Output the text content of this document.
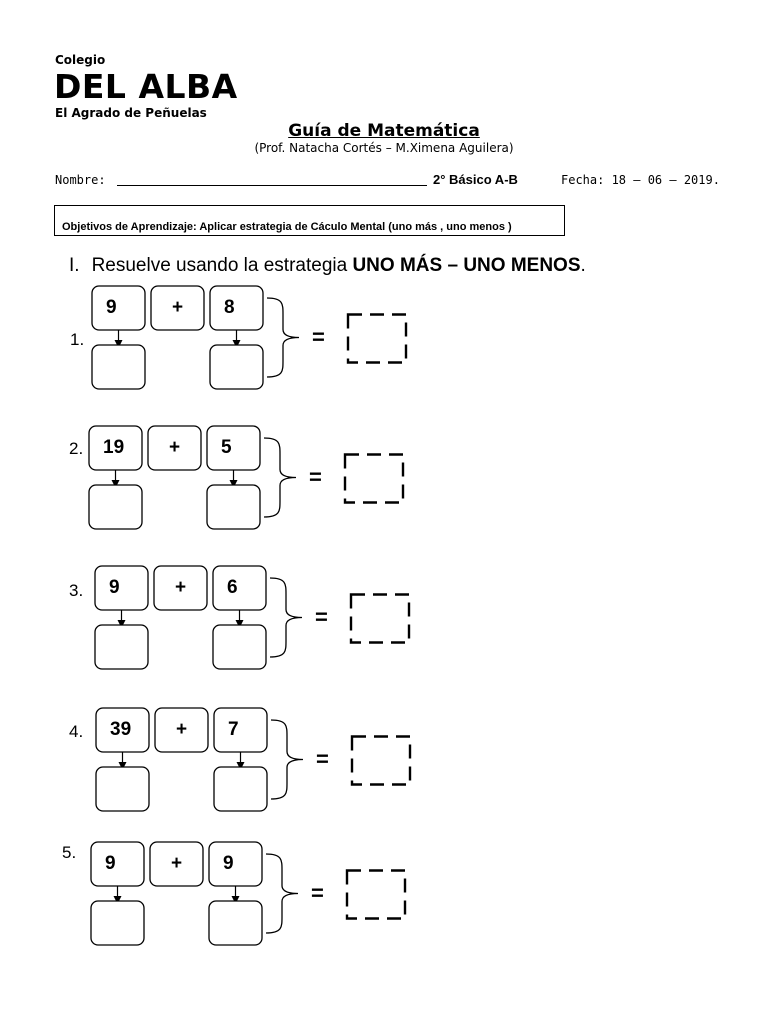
Colegio
DEL ALBA
El Agrado de Peñuelas
Guía de Matemática
(Prof. Natacha Cortés – M.Ximena Aguilera)
Nombre:	2° Básico A-B	Fecha: 18 – 06 – 2019.
Objetivos de Aprendizaje: Aplicar estrategia de Cáculo Mental (uno más , uno menos )
I. Resuelve usando la estrategia UNO MÁS – UNO MENOS.
1.
9	+ 8
=
2. 19 + 5
=
3. 9	+ 6
=
4. 39 + 7
=
5.
9	+ 9
=
